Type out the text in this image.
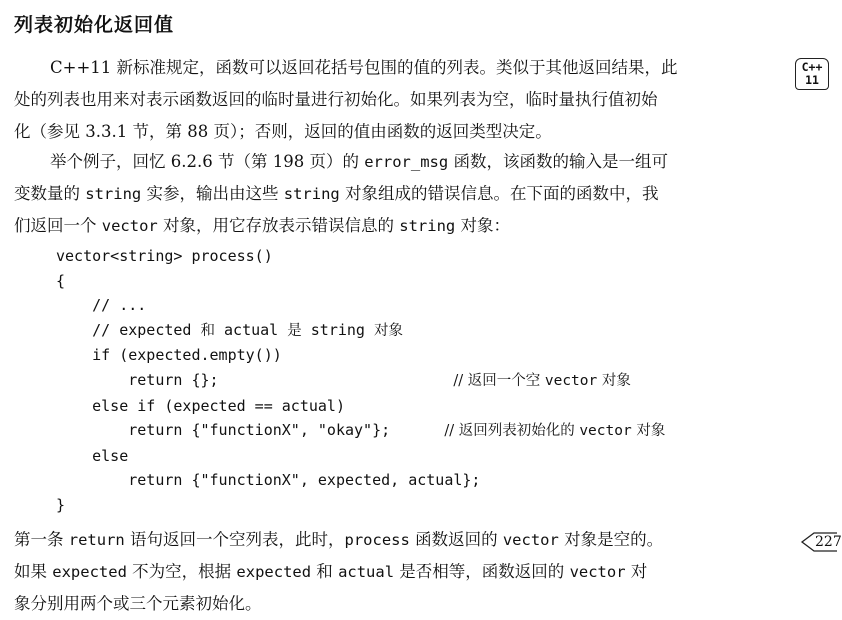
列表初始化返回值
C++
11

C++11 新标准规定，函数可以返回花括号包围的值的列表。类似于其他返回结果，此
处的列表也用来对表示函数返回的临时量进行初始化。如果列表为空，临时量执行值初始
化（参见 3.3.1 节，第 88 页）；否则，返回的值由函数的返回类型决定。

举个例子，回忆 6.2.6 节（第 198 页）的 error_msg 函数，该函数的输入是一组可
变数量的 string 实参，输出由这些 string 对象组成的错误信息。在下面的函数中，我
们返回一个 vector 对象，用它存放表示错误信息的 string 对象：

vector<string> process()
{
// ...
// expected 和 actual 是 string 对象
if (expected.empty())
return {};                          // 返回一个空 vector 对象
else if (expected == actual)
return {"functionX", "okay"};      // 返回列表初始化的 vector 对象
else
return {"functionX", expected, actual};
}

第一条 return 语句返回一个空列表，此时，process 函数返回的 vector 对象是空的。
如果 expected 不为空，根据 expected 和 actual 是否相等，函数返回的 vector 对
象分别用两个或三个元素初始化。

227
